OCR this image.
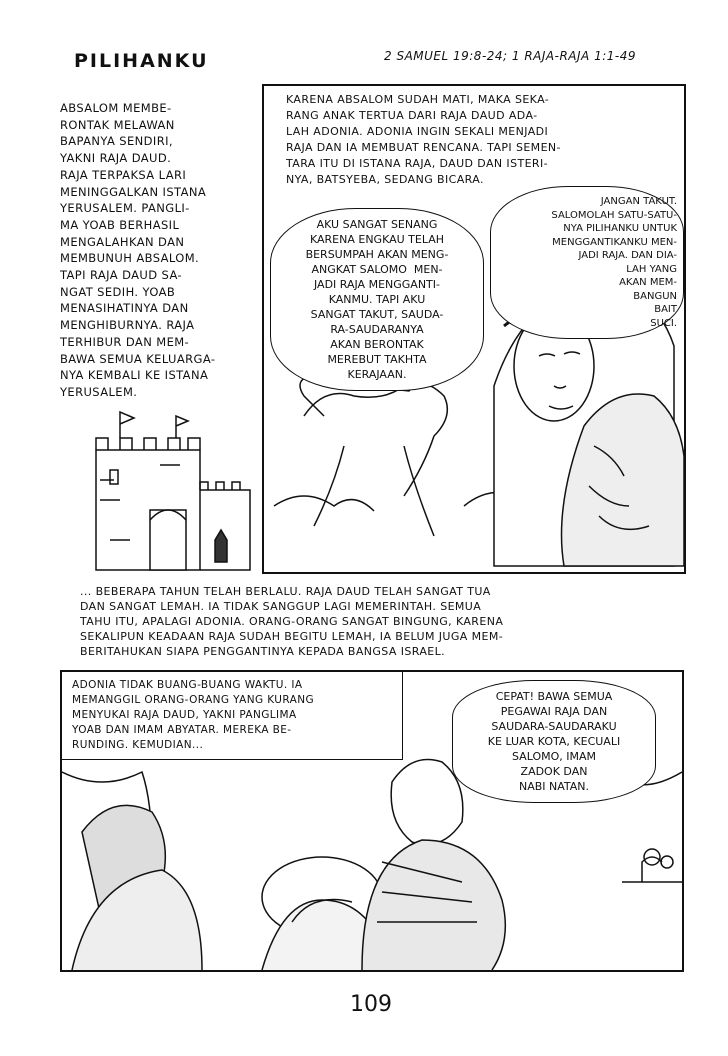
PILIHANKU	2 SAMUEL 19:8-24; 1 RAJA-RAJA 1:1-49
ABSALOM MEMBE-
RONTAK MELAWAN
BAPANYA SENDIRI,
YAKNI RAJA DAUD.
RAJA TERPAKSA LARI
MENINGGALKAN ISTANA
YERUSALEM. PANGLI-
MA YOAB BERHASIL
MENGALAHKAN DAN
MEMBUNUH ABSALOM.
TAPI RAJA DAUD SA-
NGAT SEDIH. YOAB
MENASIHATINYA DAN
MENGHIBURNYA. RAJA
TERHIBUR DAN MEM-
BAWA SEMUA KELUARGA-
NYA KEMBALI KE ISTANA
YERUSALEM.
KARENA ABSALOM SUDAH MATI, MAKA SEKA-
RANG ANAK TERTUA DARI RAJA DAUD ADA-
LAH ADONIA. ADONIA INGIN SEKALI MENJADI
RAJA DAN IA MEMBUAT RENCANA. TAPI SEMEN-
TARA ITU DI ISTANA RAJA, DAUD DAN ISTERI-
NYA, BATSYEBA, SEDANG BICARA.
AKU SANGAT SENANG
KARENA ENGKAU TELAH
BERSUMPAH AKAN MENG-
ANGKAT SALOMO  MEN-
JADI RAJA MENGGANTI-
KANMU. TAPI AKU
SANGAT TAKUT, SAUDA-
RA-SAUDARANYA
AKAN BERONTAK
MEREBUT TAKHTA
KERAJAAN.
JANGAN TAKUT.
SALOMOLAH SATU-SATU-
NYA PILIHANKU UNTUK
MENGGANTIKANKU MEN-
JADI RAJA. DAN DIA-
LAH YANG
AKAN MEM-
BANGUN
BAIT
SUCI.
... BEBERAPA TAHUN TELAH BERLALU. RAJA DAUD TELAH SANGAT TUA
DAN SANGAT LEMAH. IA TIDAK SANGGUP LAGI MEMERINTAH. SEMUA
TAHU ITU, APALAGI ADONIA. ORANG-ORANG SANGAT BINGUNG, KARENA
SEKALIPUN KEADAAN RAJA SUDAH BEGITU LEMAH, IA BELUM JUGA MEM-
BERITAHUKAN SIAPA PENGGANTINYA KEPADA BANGSA ISRAEL.
ADONIA TIDAK BUANG-BUANG WAKTU. IA
MEMANGGIL ORANG-ORANG YANG KURANG
MENYUKAI RAJA DAUD, YAKNI PANGLIMA
YOAB DAN IMAM ABYATAR. MEREKA BE-
RUNDING. KEMUDIAN...
CEPAT! BAWA SEMUA
PEGAWAI RAJA DAN
SAUDARA-SAUDARAKU
KE LUAR KOTA, KECUALI
SALOMO, IMAM
ZADOK DAN
NABI NATAN.
109
